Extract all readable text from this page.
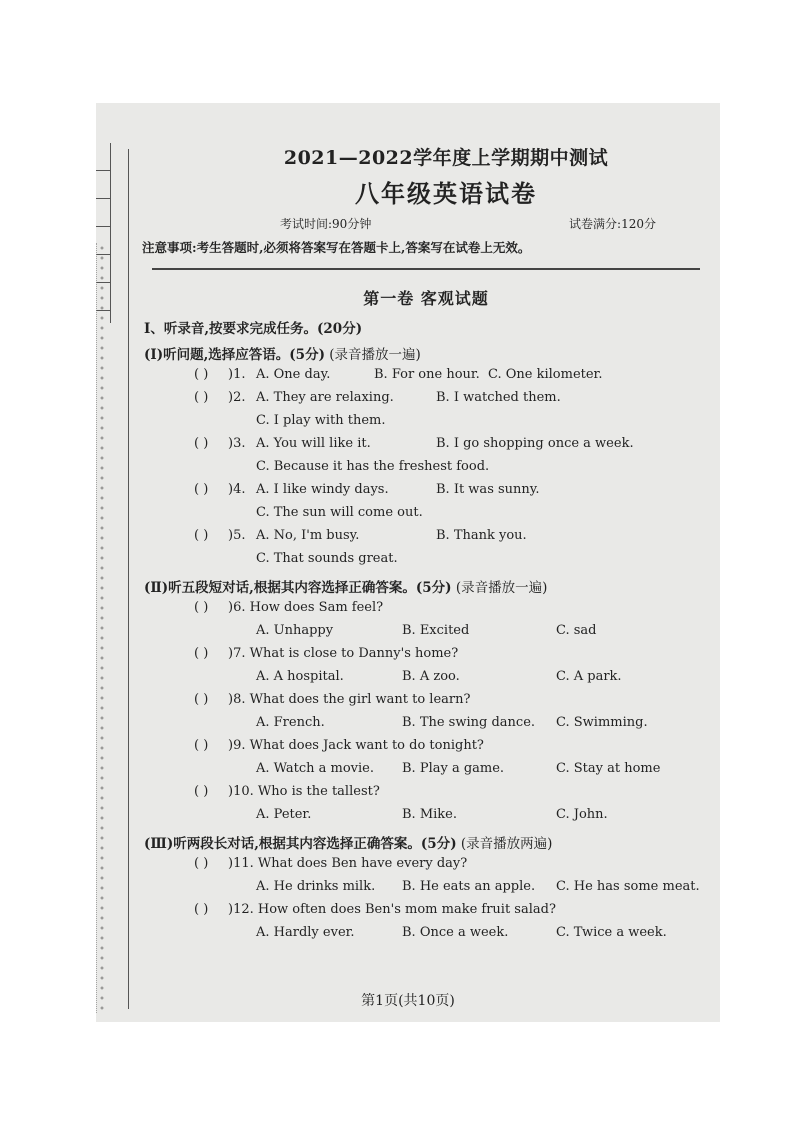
2021—2022学年度上学期期中测试
八年级英语试卷
考试时间:90分钟	试卷满分:120分
注意事项:考生答题时,必须将答案写在答题卡上,答案写在试卷上无效。
第一卷 客观试题
Ⅰ、听录音,按要求完成任务。(20分)
(Ⅰ)听问题,选择应答语。(5分) (录音播放一遍)
( ) )1. A. One day.	B. For one hour. C. One kilometer.
( ) )2. A. They are relaxing.	B. I watched them.
C. I play with them.
( ) )3. A. You will like it.	B. I go shopping once a week.
C. Because it has the freshest food.
( ) )4. A. I like windy days.	B. It was sunny.
C. The sun will come out.
( ) )5. A. No, I'm busy.	B. Thank you.
C. That sounds great.
(Ⅱ)听五段短对话,根据其内容选择正确答案。(5分) (录音播放一遍)
( ) )6. How does Sam feel?
A. Unhappy	B. Excited	C. sad
( ) )7. What is close to Danny's home?
A. A hospital.	B. A zoo.	C. A park.
( ) )8. What does the girl want to learn?
A. French.	B. The swing dance. C. Swimming.
( ) )9. What does Jack want to do tonight?
A. Watch a movie. B. Play a game.	C. Stay at home
( ) )10. Who is the tallest?
A. Peter.	B. Mike.	C. John.
(Ⅲ)听两段长对话,根据其内容选择正确答案。(5分) (录音播放两遍)
( ) )11. What does Ben have every day?
A. He drinks milk. B. He eats an apple. C. He has some meat.
( ) )12. How often does Ben's mom make fruit salad?
A. Hardly ever.	B. Once a week.	C. Twice a week.
第1页(共10页)
